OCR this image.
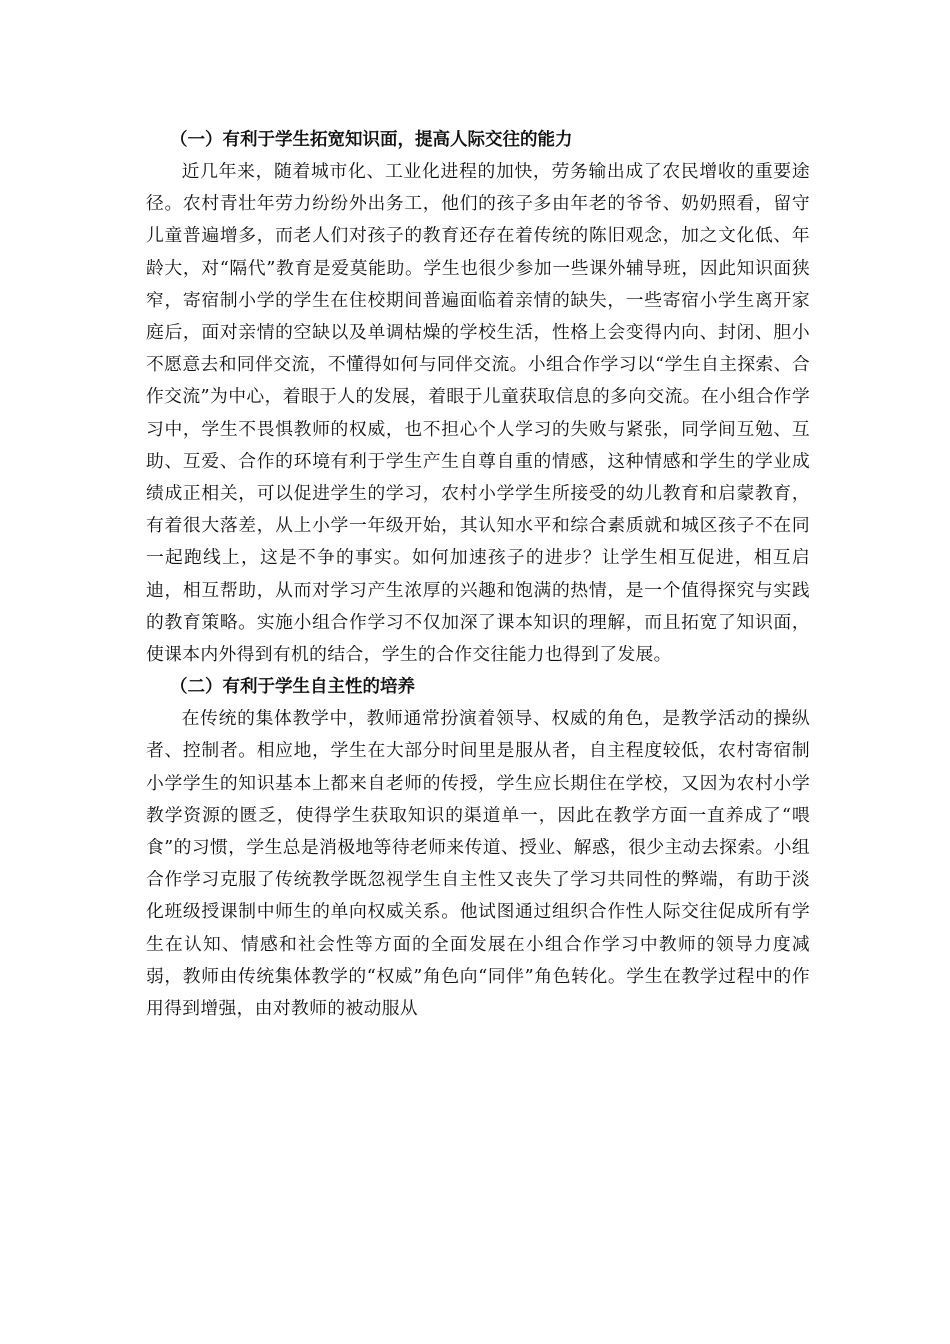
（一）有利于学生拓宽知识面，提高人际交往的能力

近几年来，随着城市化、工业化进程的加快，劳务输出成了农民增收的重要途径。农村青壮年劳力纷纷外出务工，他们的孩子多由年老的爷爷、奶奶照看，留守儿童普遍增多，而老人们对孩子的教育还存在着传统的陈旧观念，加之文化低、年龄大，对“隔代”教育是爱莫能助。学生也很少参加一些课外辅导班，因此知识面狭窄，寄宿制小学的学生在住校期间普遍面临着亲情的缺失，一些寄宿小学生离开家庭后，面对亲情的空缺以及单调枯燥的学校生活，性格上会变得内向、封闭、胆小不愿意去和同伴交流，不懂得如何与同伴交流。小组合作学习以“学生自主探索、合作交流”为中心，着眼于人的发展，着眼于儿童获取信息的多向交流。在小组合作学习中，学生不畏惧教师的权威，也不担心个人学习的失败与紧张，同学间互勉、互助、互爱、合作的环境有利于学生产生自尊自重的情感，这种情感和学生的学业成绩成正相关，可以促进学生的学习，农村小学学生所接受的幼儿教育和启蒙教育，有着很大落差，从上小学一年级开始，其认知水平和综合素质就和城区孩子不在同一起跑线上，这是不争的事实。如何加速孩子的进步？让学生相互促进，相互启迪，相互帮助，从而对学习产生浓厚的兴趣和饱满的热情，是一个值得探究与实践的教育策略。实施小组合作学习不仅加深了课本知识的理解，而且拓宽了知识面，使课本内外得到有机的结合，学生的合作交往能力也得到了发展。

（二）有利于学生自主性的培养

在传统的集体教学中，教师通常扮演着领导、权威的角色，是教学活动的操纵者、控制者。相应地，学生在大部分时间里是服从者，自主程度较低，农村寄宿制小学学生的知识基本上都来自老师的传授，学生应长期住在学校，又因为农村小学教学资源的匮乏，使得学生获取知识的渠道单一，因此在教学方面一直养成了“喂食”的习惯，学生总是消极地等待老师来传道、授业、解惑，很少主动去探索。小组合作学习克服了传统教学既忽视学生自主性又丧失了学习共同性的弊端，有助于淡化班级授课制中师生的单向权威关系。他试图通过组织合作性人际交往促成所有学生在认知、情感和社会性等方面的全面发展在小组合作学习中教师的领导力度减弱，教师由传统集体教学的“权威”角色向“同伴”角色转化。学生在教学过程中的作用得到增强，由对教师的被动服从
